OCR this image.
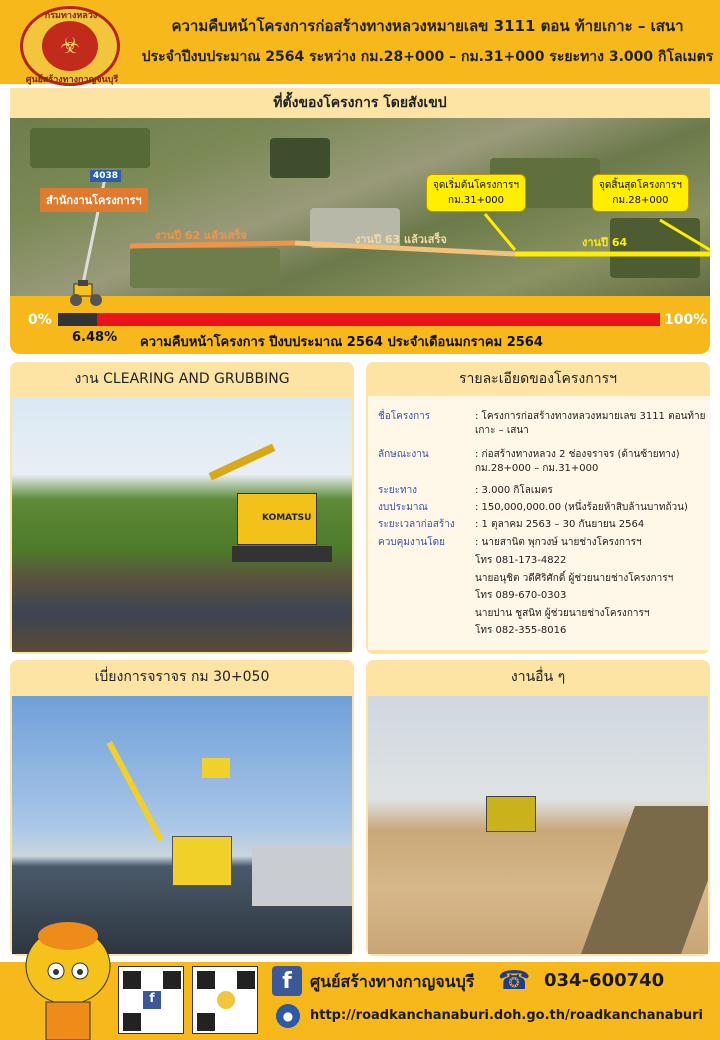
☣
กรมทางหลวง
ศูนย์สร้างทางกาญจนบุรี
ความคืบหน้าโครงการก่อสร้างทางหลวงหมายเลข 3111 ตอน ท้ายเกาะ – เสนา
ประจำปีงบประมาณ 2564 ระหว่าง กม.28+000 – กม.31+000 ระยะทาง 3.000 กิโลเมตร
ที่ตั้งของโครงการ โดยสังเขป
4038
สำนักงานโครงการฯ
งานปี 62 แล้วเสร็จ	งานปี 63 แล้วเสร็จ	งานปี 64
จุดเริ่มต้นโครงการฯ
กม.31+000
จุดสิ้นสุดโครงการฯ
กม.28+000
0%	100%
6.48% ความคืบหน้าโครงการ ปีงบประมาณ 2564 ประจำเดือนมกราคม 2564
งาน CLEARING AND GRUBBING
KOMATSU
รายละเอียดของโครงการฯ
ชื่อโครงการ	: โครงการก่อสร้างทางหลวงหมายเลข 3111 ตอนท้ายเกาะ – เสนา
ลักษณะงาน	: ก่อสร้างทางหลวง 2 ช่องจราจร (ด้านซ้ายทาง) กม.28+000 – กม.31+000
ระยะทาง	: 3.000 กิโลเมตร
งบประมาณ	: 150,000,000.00 (หนึ่งร้อยห้าสิบล้านบาทถ้วน)
ระยะเวลาก่อสร้าง : 1 ตุลาคม 2563 – 30 กันยายน 2564
ควบคุมงานโดย	: นายสานิต พุกวงษ์ นายช่างโครงการฯ
โทร 081-173-4822
นายอนุชิต วดีศิริศักดิ์ ผู้ช่วยนายช่างโครงการฯ
โทร 089-670-0303
นายปาน ชูสนิท ผู้ช่วยนายช่างโครงการฯ
โทร 082-355-8016
เบี่ยงการจราจร กม 30+050	งานอื่น ๆ
f
f	ศูนย์สร้างทางกาญจนบุรี ☎ 034-600740
●	http://roadkanchanaburi.doh.go.th/roadkanchanaburi
